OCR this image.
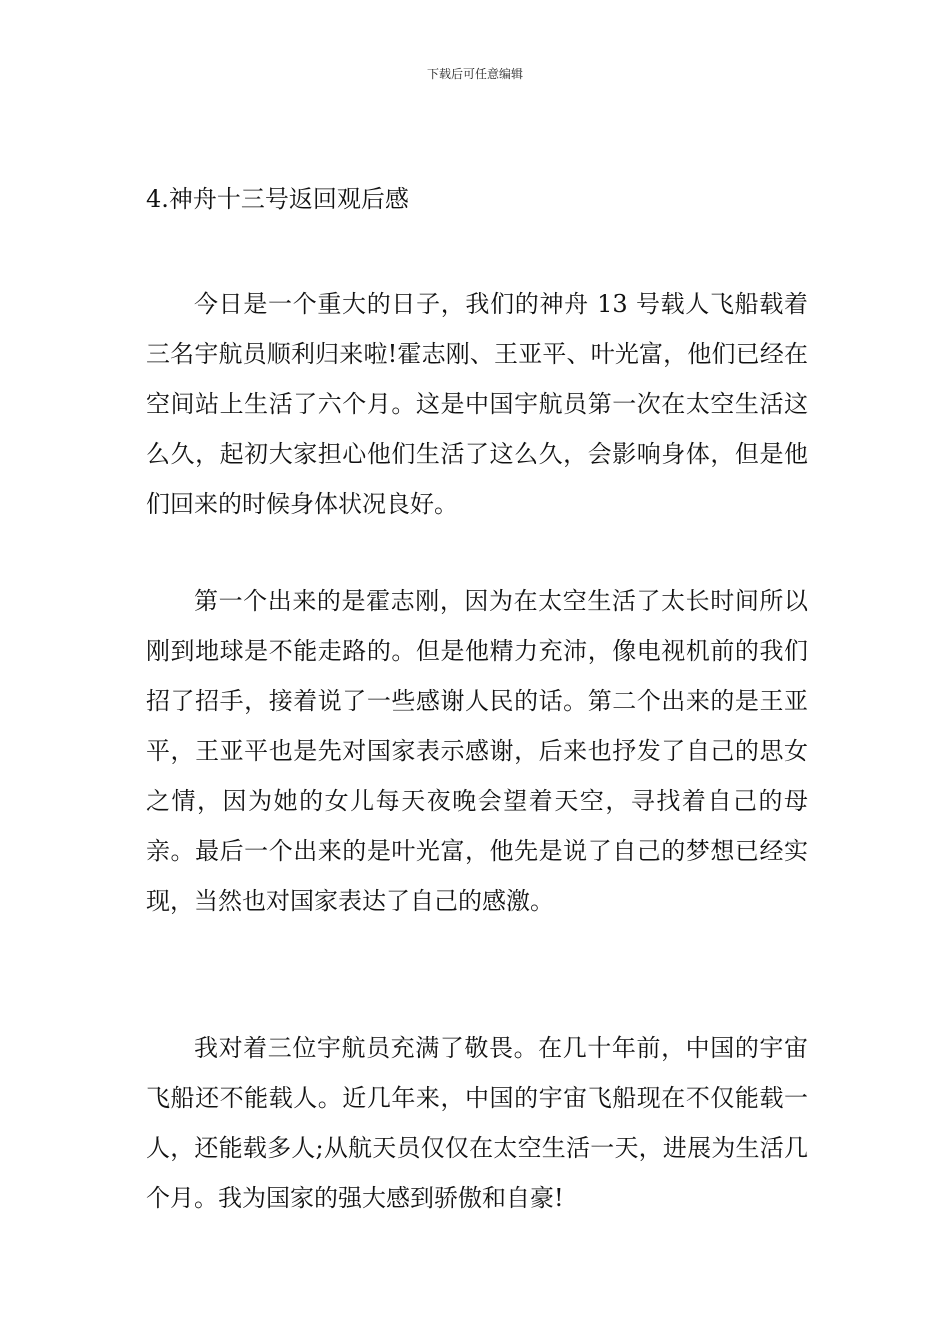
下载后可任意编辑
4.神舟十三号返回观后感

今日是一个重大的日子，我们的神舟 13 号载人飞船载着三名宇航员顺利归来啦!霍志刚、王亚平、叶光富，他们已经在空间站上生活了六个月。这是中国宇航员第一次在太空生活这么久，起初大家担心他们生活了这么久，会影响身体，但是他们回来的时候身体状况良好。

第一个出来的是霍志刚，因为在太空生活了太长时间所以刚到地球是不能走路的。但是他精力充沛，像电视机前的我们招了招手，接着说了一些感谢人民的话。第二个出来的是王亚平，王亚平也是先对国家表示感谢，后来也抒发了自己的思女之情，因为她的女儿每天夜晚会望着天空，寻找着自己的母亲。最后一个出来的是叶光富，他先是说了自己的梦想已经实现，当然也对国家表达了自己的感激。

我对着三位宇航员充满了敬畏。在几十年前，中国的宇宙飞船还不能载人。近几年来，中国的宇宙飞船现在不仅能载一人，还能载多人;从航天员仅仅在太空生活一天，进展为生活几个月。我为国家的强大感到骄傲和自豪!
